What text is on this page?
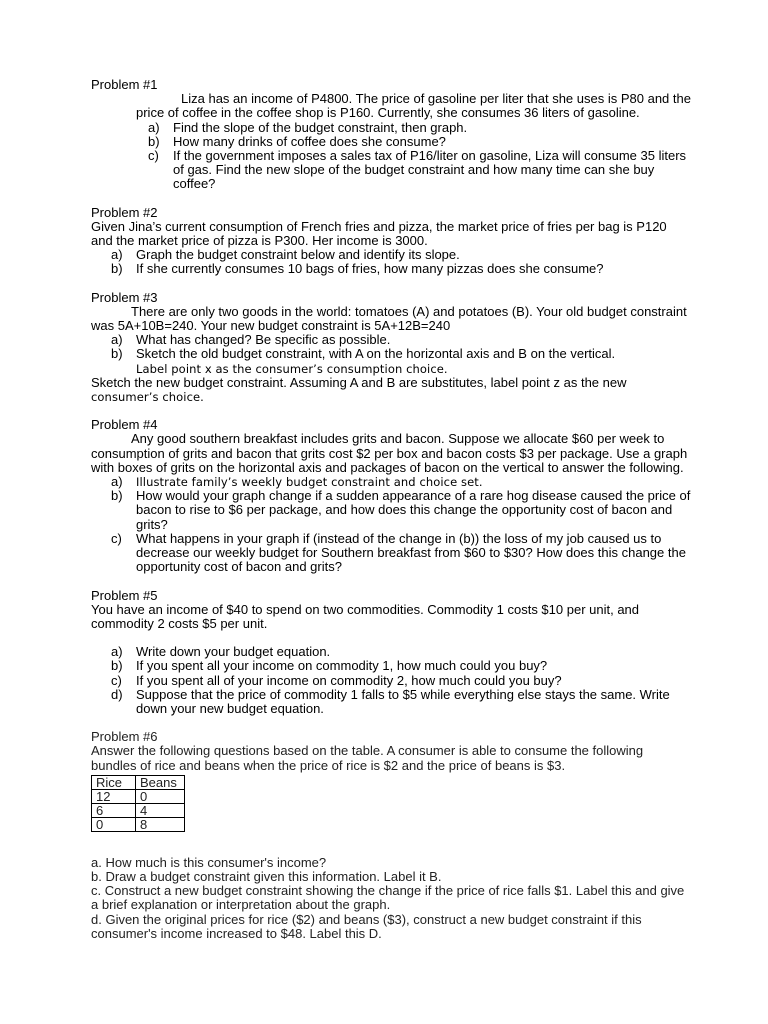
Problem #1
Liza has an income of P4800. The price of gasoline per liter that she uses is P80 and the price of coffee in the coffee shop is P160. Currently, she consumes 36 liters of gasoline.
a)	Find the slope of the budget constraint, then graph.
b)	How many drinks of coffee does she consume?
c)	If the government imposes a sales tax of P16/liter on gasoline, Liza will consume 35 liters of gas. Find the new slope of the budget constraint and how many time can she buy coffee?
Problem #2
Given Jina’s current consumption of French fries and pizza, the market price of fries per bag is P120 and the market price of pizza is P300. Her income is 3000.
a)	Graph the budget constraint below and identify its slope.
b)	If she currently consumes 10 bags of fries, how many pizzas does she consume?
Problem #3
There are only two goods in the world: tomatoes (A) and potatoes (B). Your old budget constraint was 5A+10B=240. Your new budget constraint is 5A+12B=240
a)	What has changed? Be specific as possible.
b)	Sketch the old budget constraint, with A on the horizontal axis and B on the vertical.
Label point x as the consumer’s consumption choice.
Sketch the new budget constraint. Assuming A and B are substitutes, label point z as the new
consumer’s choice.
Problem #4
Any good southern breakfast includes grits and bacon. Suppose we allocate $60 per week to consumption of grits and bacon that grits cost $2 per box and bacon costs $3 per package. Use a graph with boxes of grits on the horizontal axis and packages of bacon on the vertical to answer the following.
a)	Illustrate family’s weekly budget constraint and choice set.
b)	How would your graph change if a sudden appearance of a rare hog disease caused the price of bacon to rise to $6 per package, and how does this change the opportunity cost of bacon and grits?
c)	What happens in your graph if (instead of the change in (b)) the loss of my job caused us to decrease our weekly budget for Southern breakfast from $60 to $30? How does this change the opportunity cost of bacon and grits?
Problem #5
You have an income of $40 to spend on two commodities. Commodity 1 costs $10 per unit, and commodity 2 costs $5 per unit.
a)	Write down your budget equation.
b)	If you spent all your income on commodity 1, how much could you buy?
c)	If you spent all of your income on commodity 2, how much could you buy?
d)	Suppose that the price of commodity 1 falls to $5 while everything else stays the same. Write down your new budget equation.
Problem #6
Answer the following questions based on the table. A consumer is able to consume the following bundles of rice and beans when the price of rice is $2 and the price of beans is $3.
Rice	Beans
12	0
6	4
0	8
a. How much is this consumer's income?
b. Draw a budget constraint given this information. Label it B.
c. Construct a new budget constraint showing the change if the price of rice falls $1. Label this and give a brief explanation or interpretation about the graph.
d. Given the original prices for rice ($2) and beans ($3), construct a new budget constraint if this consumer's income increased to $48. Label this D.
